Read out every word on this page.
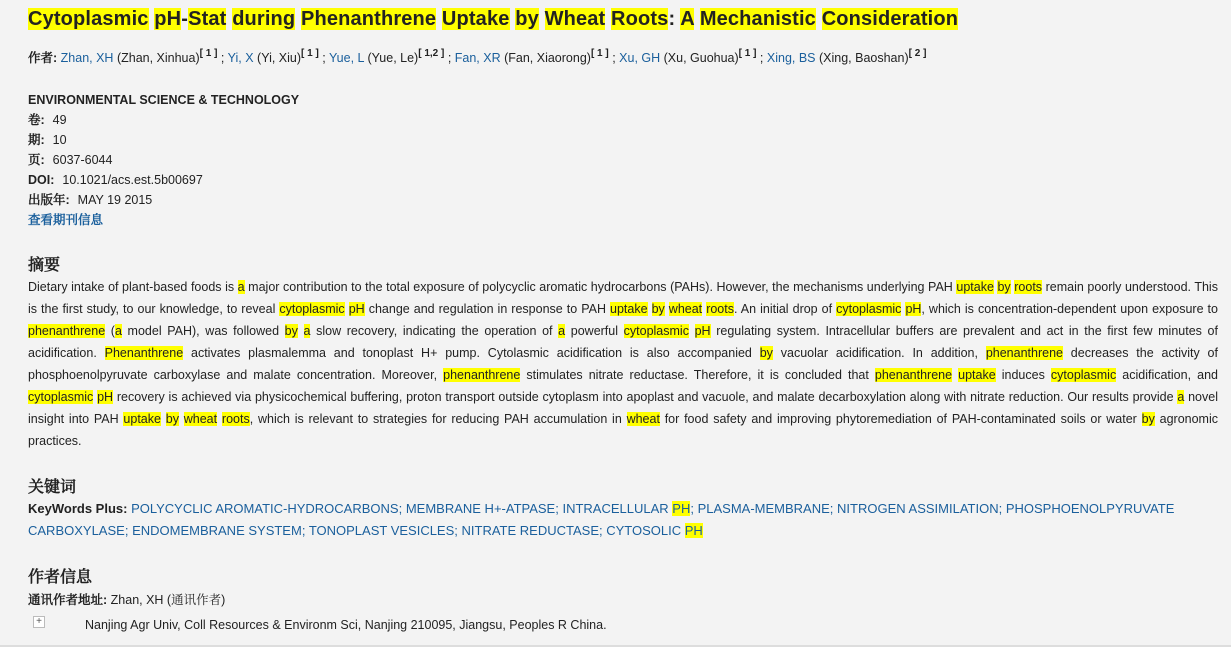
Cytoplasmic pH-Stat during Phenanthrene Uptake by Wheat Roots: A Mechanistic Consideration
作者: Zhan, XH (Zhan, Xinhua)[ 1 ] ; Yi, X (Yi, Xiu)[ 1 ] ; Yue, L (Yue, Le)[ 1,2 ] ; Fan, XR (Fan, Xiaorong)[ 1 ] ; Xu, GH (Xu, Guohua)[ 1 ] ; Xing, BS (Xing, Baoshan)[ 2 ]
ENVIRONMENTAL SCIENCE & TECHNOLOGY
卷: 49
期: 10
页: 6037-6044
DOI: 10.1021/acs.est.5b00697
出版年: MAY 19 2015
查看期刊信息
摘要
Dietary intake of plant-based foods is a major contribution to the total exposure of polycyclic aromatic hydrocarbons (PAHs). However, the mechanisms underlying PAH uptake by roots remain poorly understood. This is the first study, to our knowledge, to reveal cytoplasmic pH change and regulation in response to PAH uptake by wheat roots. An initial drop of cytoplasmic pH, which is concentration-dependent upon exposure to phenanthrene (a model PAH), was followed by a slow recovery, indicating the operation of a powerful cytoplasmic pH regulating system. Intracellular buffers are prevalent and act in the first few minutes of acidification. Phenanthrene activates plasmalemma and tonoplast H+ pump. Cytolasmic acidification is also accompanied by vacuolar acidification. In addition, phenanthrene decreases the activity of phosphoenolpyruvate carboxylase and malate concentration. Moreover, phenanthrene stimulates nitrate reductase. Therefore, it is concluded that phenanthrene uptake induces cytoplasmic acidification, and cytoplasmic pH recovery is achieved via physicochemical buffering, proton transport outside cytoplasm into apoplast and vacuole, and malate decarboxylation along with nitrate reduction. Our results provide a novel insight into PAH uptake by wheat roots, which is relevant to strategies for reducing PAH accumulation in wheat for food safety and improving phytoremediation of PAH-contaminated soils or water by agronomic practices.
关键词
KeyWords Plus: POLYCYCLIC AROMATIC-HYDROCARBONS; MEMBRANE H+-ATPASE; INTRACELLULAR PH; PLASMA-MEMBRANE; NITROGEN ASSIMILATION; PHOSPHOENOLPYRUVATE CARBOXYLASE; ENDOMEMBRANE SYSTEM; TONOPLAST VESICLES; NITRATE REDUCTASE; CYTOSOLIC PH
作者信息
通讯作者地址: Zhan, XH (通讯作者)
+	Nanjing Agr Univ, Coll Resources & Environm Sci, Nanjing 210095, Jiangsu, Peoples R China.
